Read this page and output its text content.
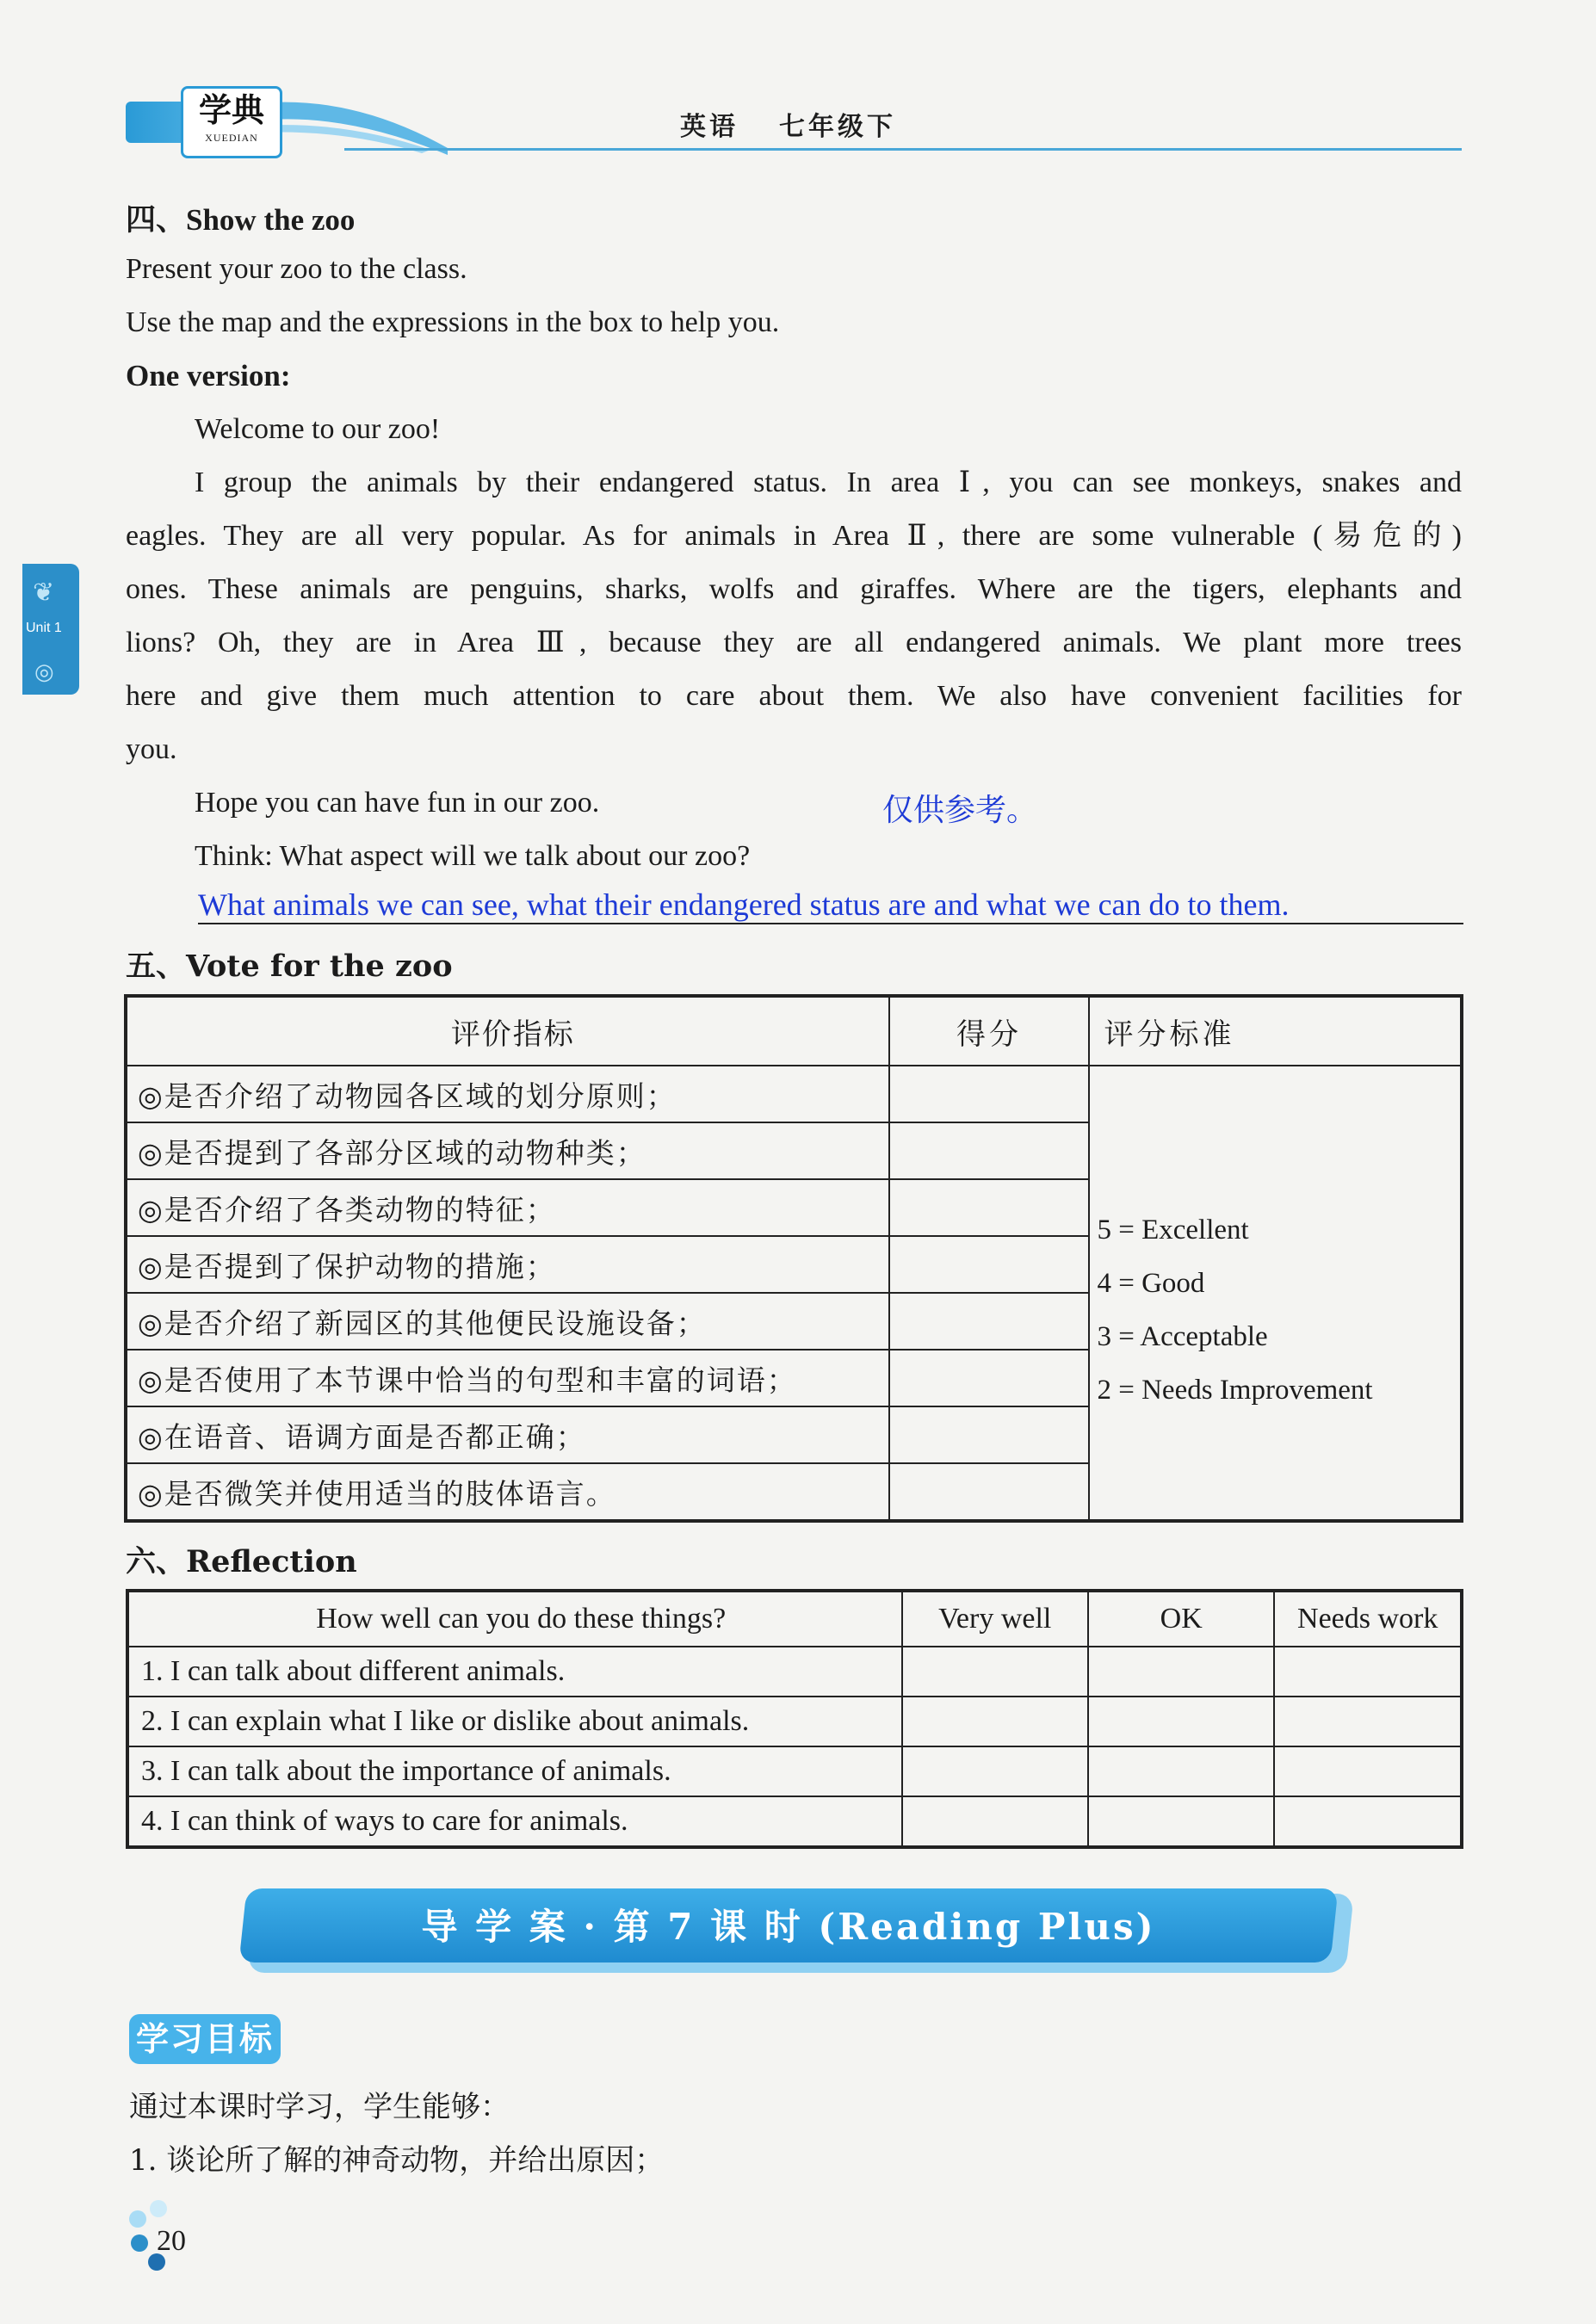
学典
XUEDIAN	英语 七年级下
❦
Unit 1
◎
四、Show the zoo
Present your zoo to the class.
Use the map and the expressions in the box to help you.
One version:
Welcome to our zoo!
I group the animals by their endangered status. In area Ⅰ, you can see monkeys, snakes and
eagles. They are all very popular. As for animals in Area Ⅱ, there are some vulnerable (易危的)
ones. These animals are penguins, sharks, wolfs and giraffes. Where are the tigers, elephants and
lions? Oh, they are in Area Ⅲ, because they are all endangered animals. We plant more trees
here and give them much attention to care about them. We also have convenient facilities for
you.
Hope you can have fun in our zoo.	仅供参考。
Think: What aspect will we talk about our zoo?
What animals we can see, what their endangered status are and what we can do to them.
五、Vote for the zoo
评价指标	得分	评分标准
◎是否介绍了动物园各区域的划分原则；		5 = Excellent
4 = Good
3 = Acceptable
2 = Needs Improvement

◎是否提到了各部分区域的动物种类；		
◎是否介绍了各类动物的特征；		
◎是否提到了保护动物的措施；		
◎是否介绍了新园区的其他便民设施设备；		
◎是否使用了本节课中恰当的句型和丰富的词语；		
◎在语音、语调方面是否都正确；		
◎是否微笑并使用适当的肢体语言。		
六、Reflection
How well can you do these things?	Very well	OK	Needs work
1. I can talk about different animals.			
2. I can explain what I like or dislike about animals.			
3. I can talk about the importance of animals.			
4. I can think of ways to care for animals.			
导 学 案 · 第 7 课 时 (Reading Plus)
学习目标
通过本课时学习，学生能够：
1. 谈论所了解的神奇动物，并给出原因；
20
